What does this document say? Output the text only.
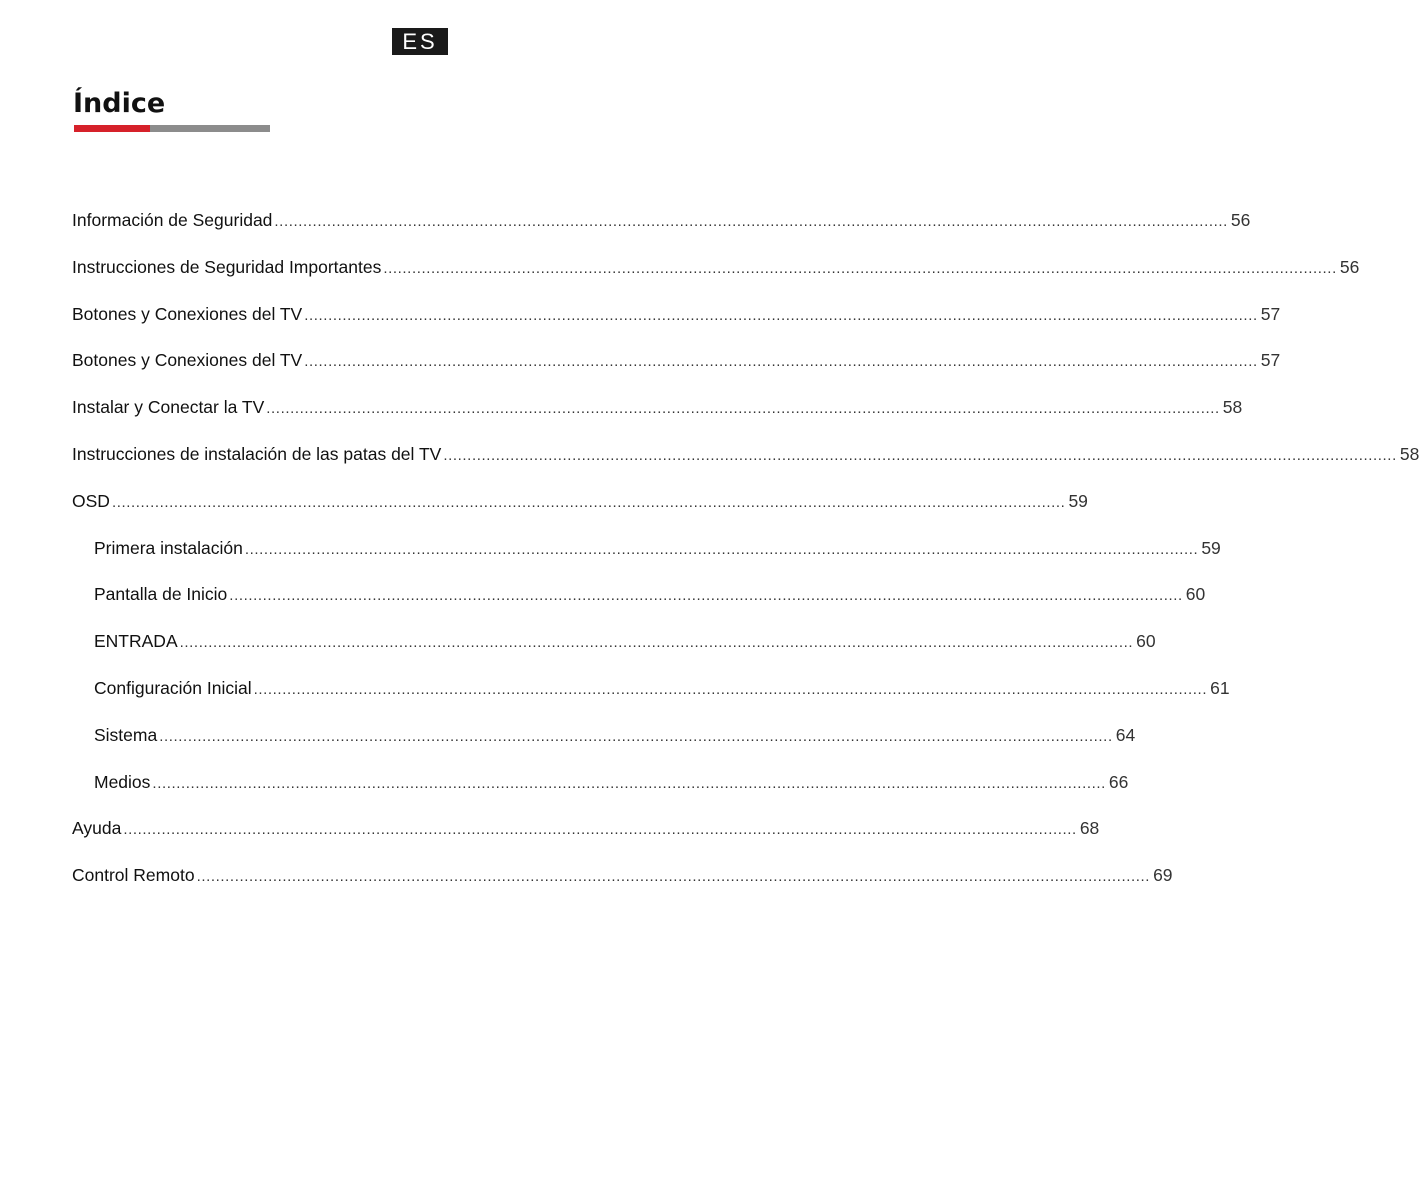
ES
Índice
Información de Seguridad ........................................................................................................................................................................................................ 56
Instrucciones de Seguridad Importantes ........................................................................................................................................................................................................ 56
Botones y Conexiones del TV ........................................................................................................................................................................................................ 57
Botones y Conexiones del TV ........................................................................................................................................................................................................ 57
Instalar y Conectar la TV ........................................................................................................................................................................................................ 58
Instrucciones de instalación de las patas del TV ........................................................................................................................................................................................................ 58
OSD ........................................................................................................................................................................................................ 59
Primera instalación ........................................................................................................................................................................................................ 59
Pantalla de Inicio ........................................................................................................................................................................................................ 60
ENTRADA ........................................................................................................................................................................................................ 60
Configuración Inicial ........................................................................................................................................................................................................ 61
Sistema ........................................................................................................................................................................................................ 64
Medios ........................................................................................................................................................................................................ 66
Ayuda ........................................................................................................................................................................................................ 68
Control Remoto ........................................................................................................................................................................................................ 69
